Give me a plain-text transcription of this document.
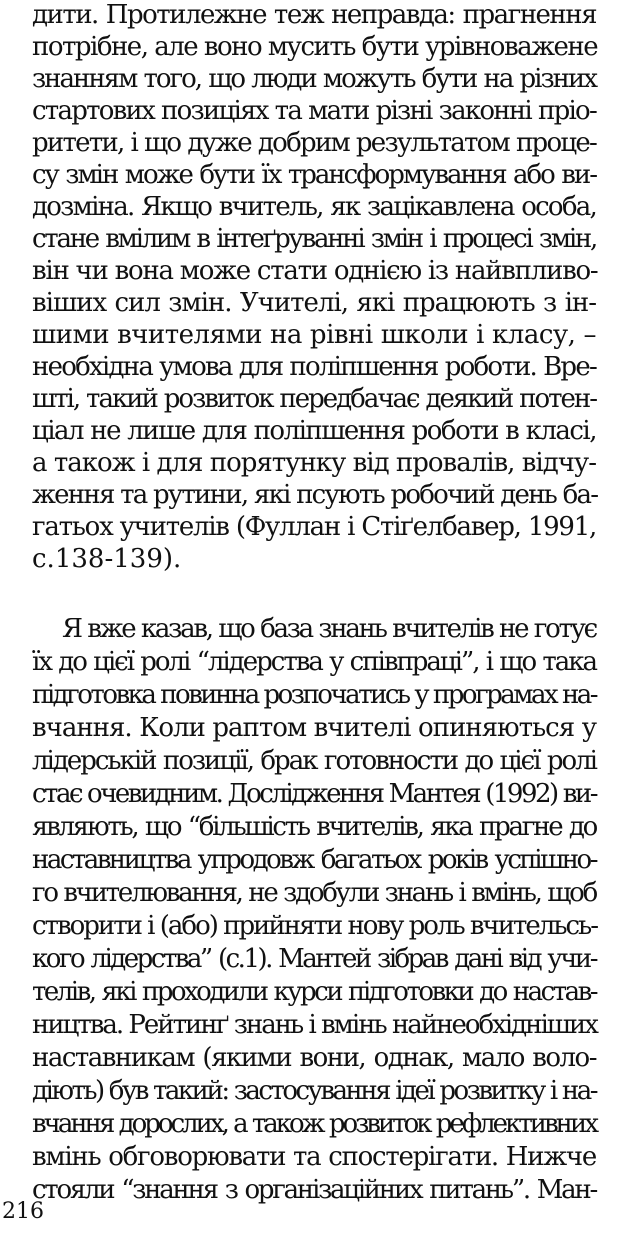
дити. Протилежне теж неправда: прагнення
потрібне, але воно мусить бути урівноважене
знанням того, що люди можуть бути на різних
стартових позиціях та мати різні законні пріо-
ритети, і що дуже добрим результатом проце-
су змін може бути їх трансформування або ви-
дозміна. Якщо вчитель, як зацікавлена особа,
стане вмілим в інтеґруванні змін і процесі змін,
він чи вона може стати однією із найвпливо-
віших сил змін. Учителі, які працюють з ін-
шими вчителями на рівні школи і класу, –
необхідна умова для поліпшення роботи. Вре-
шті, такий розвиток передбачає деякий потен-
ціал не лише для поліпшення роботи в класі,
а також і для порятунку від провалів, відчу-
ження та рутини, які псують робочий день ба-
гатьох учителів (Фуллан і Стіґелбавер, 1991,
с.138-139).
Я вже казав, що база знань вчителів не готує
їх до цієї ролі “лідерства у співпраці”, і що така
підготовка повинна розпочатись у програмах на-
вчання. Коли раптом вчителі опиняються у
лідерській позиції, брак готовности до цієї ролі
стає очевидним. Дослідження Мантея (1992) ви-
являють, що “більшість вчителів, яка прагне до
наставництва упродовж багатьох років успішно-
го вчителювання, не здобули знань і вмінь, щоб
створити і (або) прийняти нову роль вчительсь-
кого лідерства” (с.1). Мантей зібрав дані від учи-
телів, які проходили курси підготовки до настав-
ництва. Рейтинґ знань і вмінь найнеобхідніших
наставникам (якими вони, однак, мало воло-
діють) був такий: застосування ідеї розвитку і на-
вчання дорослих, а також розвиток рефлективних
вмінь обговорювати та спостерігати. Нижче
стояли “знання з організаційних питань”. Ман-
216
